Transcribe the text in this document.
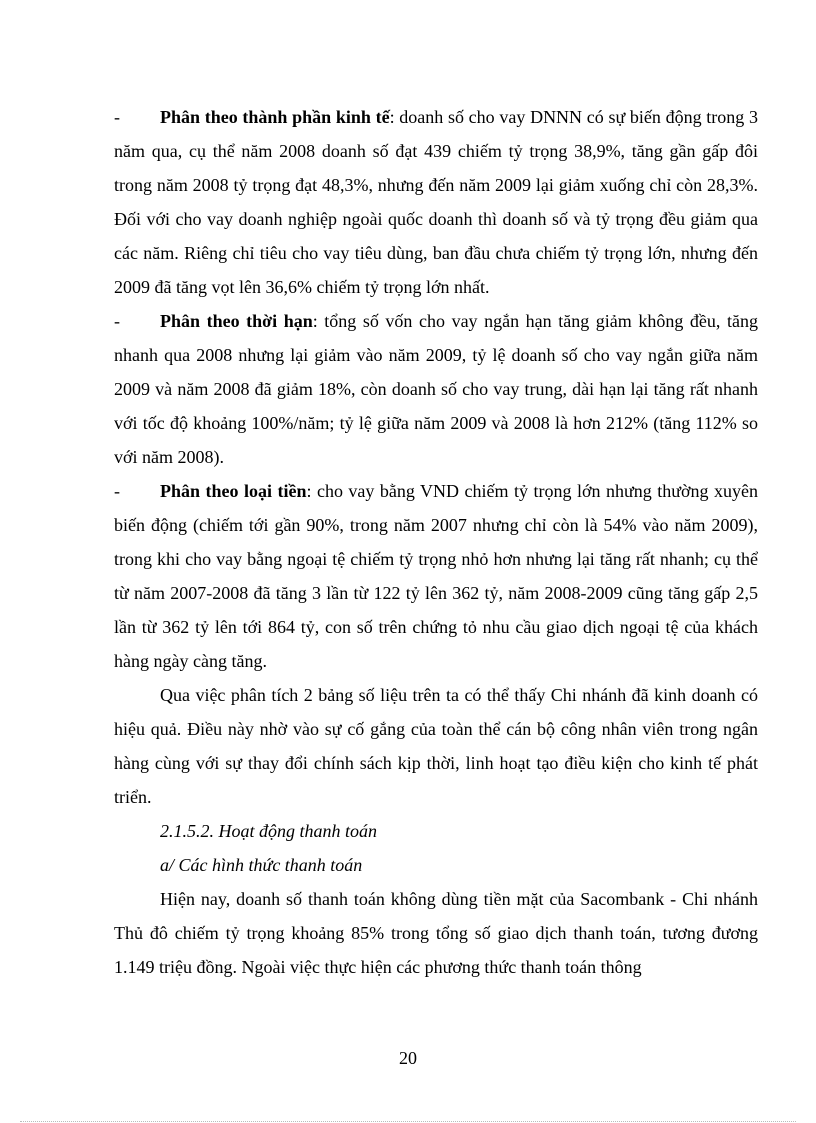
- Phân theo thành phần kinh tế: doanh số cho vay DNNN có sự biến động trong 3 năm qua, cụ thể năm 2008 doanh số đạt 439 chiếm tỷ trọng 38,9%, tăng gần gấp đôi trong năm 2008 tỷ trọng đạt 48,3%, nhưng đến năm 2009 lại giảm xuống chỉ còn 28,3%. Đối với cho vay doanh nghiệp ngoài quốc doanh thì doanh số và tỷ trọng đều giảm qua các năm. Riêng chỉ tiêu cho vay tiêu dùng, ban đầu chưa chiếm tỷ trọng lớn, nhưng đến 2009 đã tăng vọt lên 36,6% chiếm tỷ trọng lớn nhất.

- Phân theo thời hạn: tổng số vốn cho vay ngắn hạn tăng giảm không đều, tăng nhanh qua 2008 nhưng lại giảm vào năm 2009, tỷ lệ doanh số cho vay ngắn giữa năm 2009 và năm 2008 đã giảm 18%, còn doanh số cho vay trung, dài hạn lại tăng rất nhanh với tốc độ khoảng 100%/năm; tỷ lệ giữa năm 2009 và 2008 là hơn 212% (tăng 112% so với năm 2008).

- Phân theo loại tiền: cho vay bằng VND chiếm tỷ trọng lớn nhưng thường xuyên biến động (chiếm tới gần 90%, trong năm 2007 nhưng chỉ còn là 54% vào năm 2009), trong khi cho vay bằng ngoại tệ chiếm tỷ trọng nhỏ hơn nhưng lại tăng rất nhanh; cụ thể từ năm 2007-2008 đã tăng 3 lần từ 122 tỷ lên 362 tỷ, năm 2008-2009 cũng tăng gấp 2,5 lần từ 362 tỷ lên tới 864 tỷ, con số trên chứng tỏ nhu cầu giao dịch ngoại tệ của khách hàng ngày càng tăng.

Qua việc phân tích 2 bảng số liệu trên ta có thể thấy Chi nhánh đã kinh doanh có hiệu quả. Điều này nhờ vào sự cố gắng của toàn thể cán bộ công nhân viên trong ngân hàng cùng với sự thay đổi chính sách kịp thời, linh hoạt tạo điều kiện cho kinh tế phát triển.

2.1.5.2. Hoạt động thanh toán

a/ Các hình thức thanh toán

Hiện nay, doanh số thanh toán không dùng tiền mặt của Sacombank - Chi nhánh Thủ đô chiếm tỷ trọng khoảng 85% trong tổng số giao dịch thanh toán, tương đương 1.149 triệu đồng. Ngoài việc thực hiện các phương thức thanh toán thông

20
